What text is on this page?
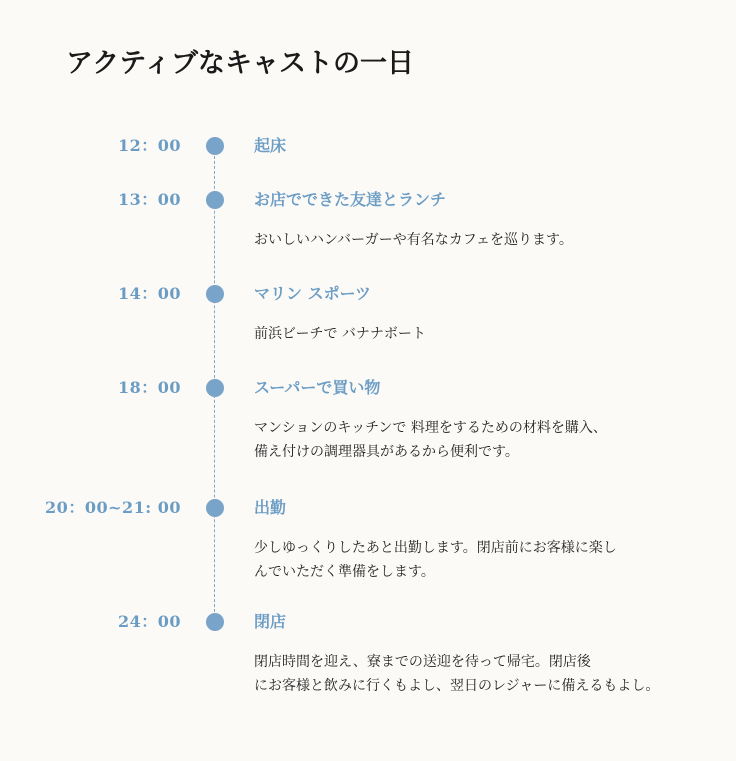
アクティブなキャストの一日
12：00	起床
13：00	お店でできた友達とランチ
おいしいハンバーガーや有名なカフェを巡ります。
14：00	マリン スポーツ
前浜ビーチで バナナボート
18：00	スーパーで買い物
マンションのキッチンで 料理をするための材料を購入、
備え付けの調理器具があるから便利です。
20：00~21: 00	出勤
少しゆっくりしたあと出勤します。閉店前にお客様に楽し
んでいただく準備をします。
24：00	閉店
閉店時間を迎え、寮までの送迎を待って帰宅。閉店後
にお客様と飲みに行くもよし、翌日のレジャーに備えるもよし。
